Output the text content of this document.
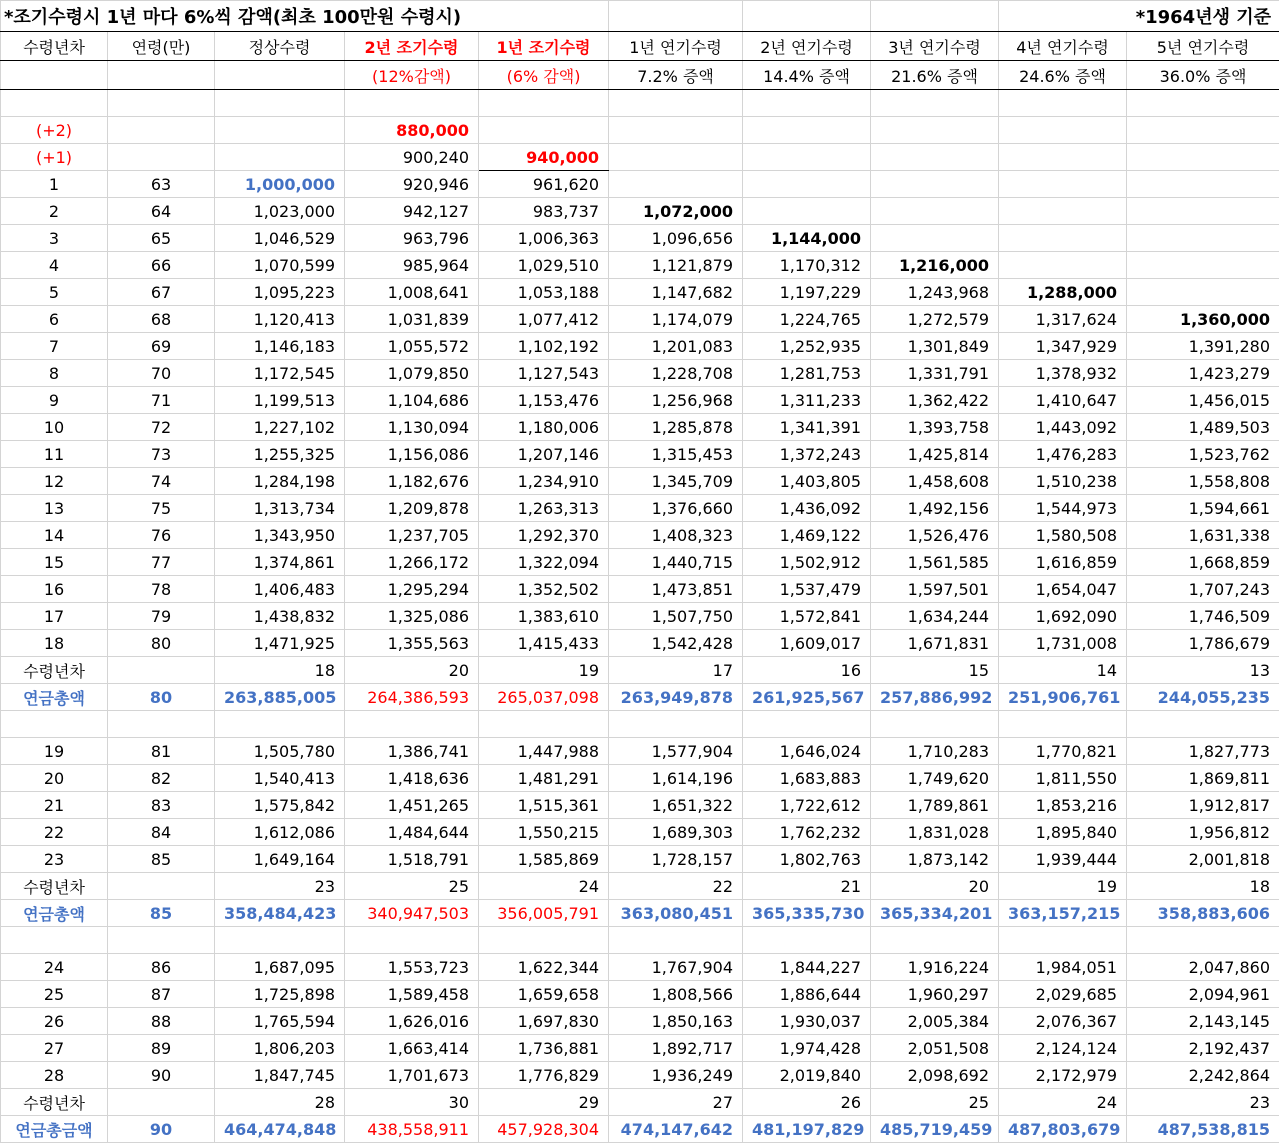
*조기수령시 1년 마다 6%씩 감액(최초 100만원 수령시)								*1964년생 기준	
수령년차	연령(만)	정상수령	2년 조기수령	1년 조기수령	1년 연기수령	2년 연기수령	3년 연기수령	4년 연기수령	5년 연기수령
			(12%감액)	(6% 감액)	7.2% 증액	14.4% 증액	21.6% 증액	24.6% 증액	36.0% 증액

(+2)			880,000						
(+1)			900,240	940,000					
1	63	1,000,000	920,946	961,620					
2	64	1,023,000	942,127	983,737	1,072,000				
3	65	1,046,529	963,796	1,006,363	1,096,656	1,144,000			
4	66	1,070,599	985,964	1,029,510	1,121,879	1,170,312	1,216,000		
5	67	1,095,223	1,008,641	1,053,188	1,147,682	1,197,229	1,243,968	1,288,000	
6	68	1,120,413	1,031,839	1,077,412	1,174,079	1,224,765	1,272,579	1,317,624	1,360,000
7	69	1,146,183	1,055,572	1,102,192	1,201,083	1,252,935	1,301,849	1,347,929	1,391,280
8	70	1,172,545	1,079,850	1,127,543	1,228,708	1,281,753	1,331,791	1,378,932	1,423,279
9	71	1,199,513	1,104,686	1,153,476	1,256,968	1,311,233	1,362,422	1,410,647	1,456,015
10	72	1,227,102	1,130,094	1,180,006	1,285,878	1,341,391	1,393,758	1,443,092	1,489,503
11	73	1,255,325	1,156,086	1,207,146	1,315,453	1,372,243	1,425,814	1,476,283	1,523,762
12	74	1,284,198	1,182,676	1,234,910	1,345,709	1,403,805	1,458,608	1,510,238	1,558,808
13	75	1,313,734	1,209,878	1,263,313	1,376,660	1,436,092	1,492,156	1,544,973	1,594,661
14	76	1,343,950	1,237,705	1,292,370	1,408,323	1,469,122	1,526,476	1,580,508	1,631,338
15	77	1,374,861	1,266,172	1,322,094	1,440,715	1,502,912	1,561,585	1,616,859	1,668,859
16	78	1,406,483	1,295,294	1,352,502	1,473,851	1,537,479	1,597,501	1,654,047	1,707,243
17	79	1,438,832	1,325,086	1,383,610	1,507,750	1,572,841	1,634,244	1,692,090	1,746,509
18	80	1,471,925	1,355,563	1,415,433	1,542,428	1,609,017	1,671,831	1,731,008	1,786,679
수령년차		18	20	19	17	16	15	14	13
연금총액	80	263,885,005	264,386,593	265,037,098	263,949,878	261,925,567	257,886,992	251,906,761	244,055,235

19	81	1,505,780	1,386,741	1,447,988	1,577,904	1,646,024	1,710,283	1,770,821	1,827,773
20	82	1,540,413	1,418,636	1,481,291	1,614,196	1,683,883	1,749,620	1,811,550	1,869,811
21	83	1,575,842	1,451,265	1,515,361	1,651,322	1,722,612	1,789,861	1,853,216	1,912,817
22	84	1,612,086	1,484,644	1,550,215	1,689,303	1,762,232	1,831,028	1,895,840	1,956,812
23	85	1,649,164	1,518,791	1,585,869	1,728,157	1,802,763	1,873,142	1,939,444	2,001,818
수령년차		23	25	24	22	21	20	19	18
연금총액	85	358,484,423	340,947,503	356,005,791	363,080,451	365,335,730	365,334,201	363,157,215	358,883,606

24	86	1,687,095	1,553,723	1,622,344	1,767,904	1,844,227	1,916,224	1,984,051	2,047,860
25	87	1,725,898	1,589,458	1,659,658	1,808,566	1,886,644	1,960,297	2,029,685	2,094,961
26	88	1,765,594	1,626,016	1,697,830	1,850,163	1,930,037	2,005,384	2,076,367	2,143,145
27	89	1,806,203	1,663,414	1,736,881	1,892,717	1,974,428	2,051,508	2,124,124	2,192,437
28	90	1,847,745	1,701,673	1,776,829	1,936,249	2,019,840	2,098,692	2,172,979	2,242,864
수령년차		28	30	29	27	26	25	24	23
연금총금액	90	464,474,848	438,558,911	457,928,304	474,147,642	481,197,829	485,719,459	487,803,679	487,538,815
